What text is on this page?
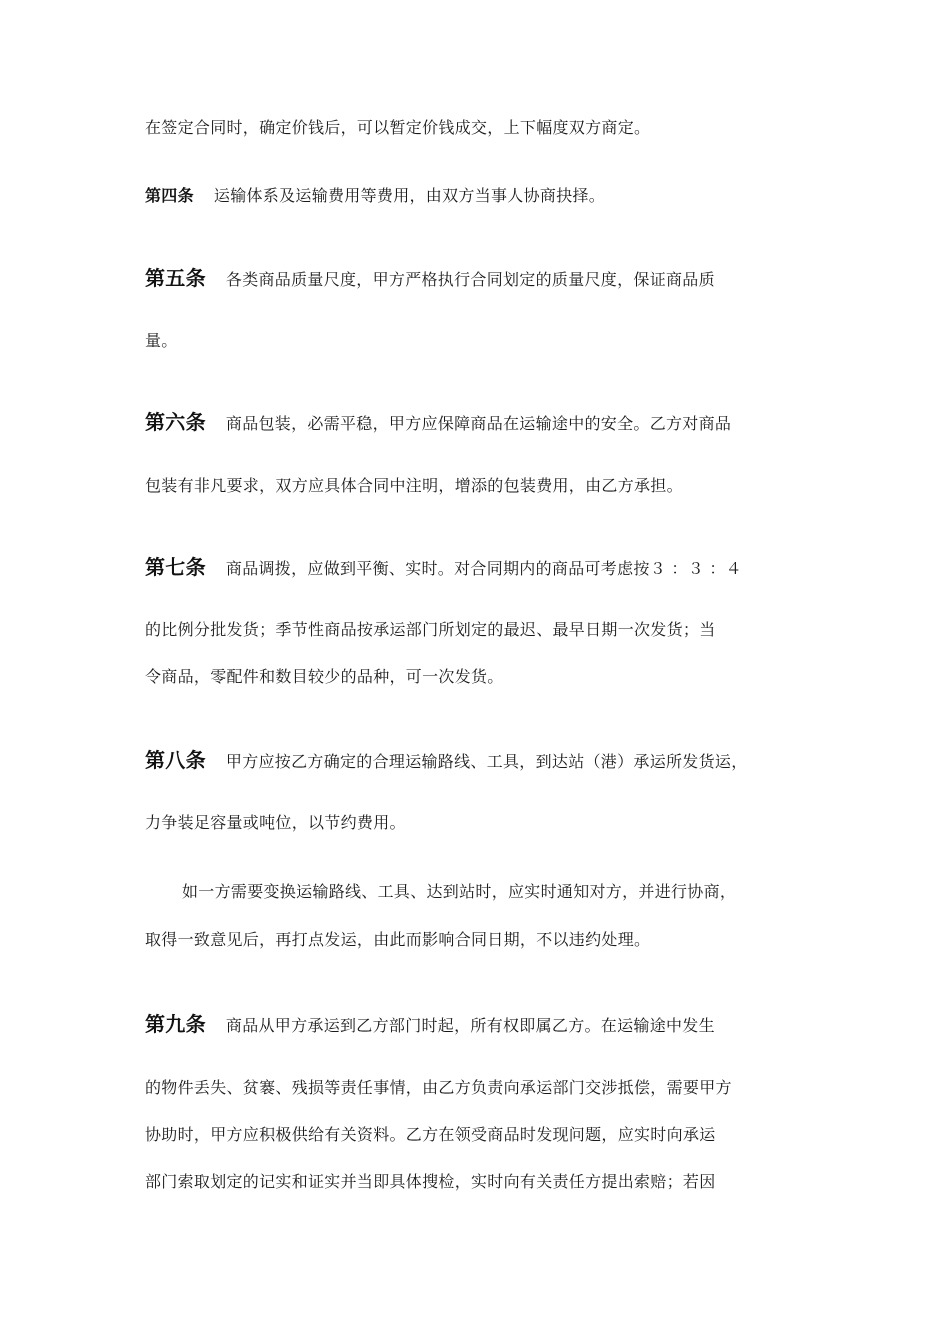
在签定合同时，确定价钱后，可以暂定价钱成交，上下幅度双方商定。
第四条 运输体系及运输费用等费用，由双方当事人协商抉择。
第五条 各类商品质量尺度，甲方严格执行合同划定的质量尺度，保证商品质
量。
第六条 商品包装，必需平稳，甲方应保障商品在运输途中的安全。乙方对商品
包装有非凡要求，双方应具体合同中注明，增添的包装费用，由乙方承担。
第七条 商品调拨，应做到平衡、实时。对合同期内的商品可考虑按３ ：３ ：４
的比例分批发货；季节性商品按承运部门所划定的最迟、最早日期一次发货；当
令商品，零配件和数目较少的品种，可一次发货。
第八条 甲方应按乙方确定的合理运输路线、工具，到达站（港）承运所发货运，
力争装足容量或吨位，以节约费用。
如一方需要变换运输路线、工具、达到站时，应实时通知对方，并进行协商，
取得一致意见后，再打点发运，由此而影响合同日期，不以违约处理。
第九条 商品从甲方承运到乙方部门时起，所有权即属乙方。在运输途中发生
的物件丢失、贫褰、残损等责任事情，由乙方负责向承运部门交涉抵偿，需要甲方
协助时，甲方应积极供给有关资料。乙方在领受商品时发现问题，应实时向承运
部门索取划定的记实和证实并当即具体搜检，实时向有关责任方提出索赔；若因
